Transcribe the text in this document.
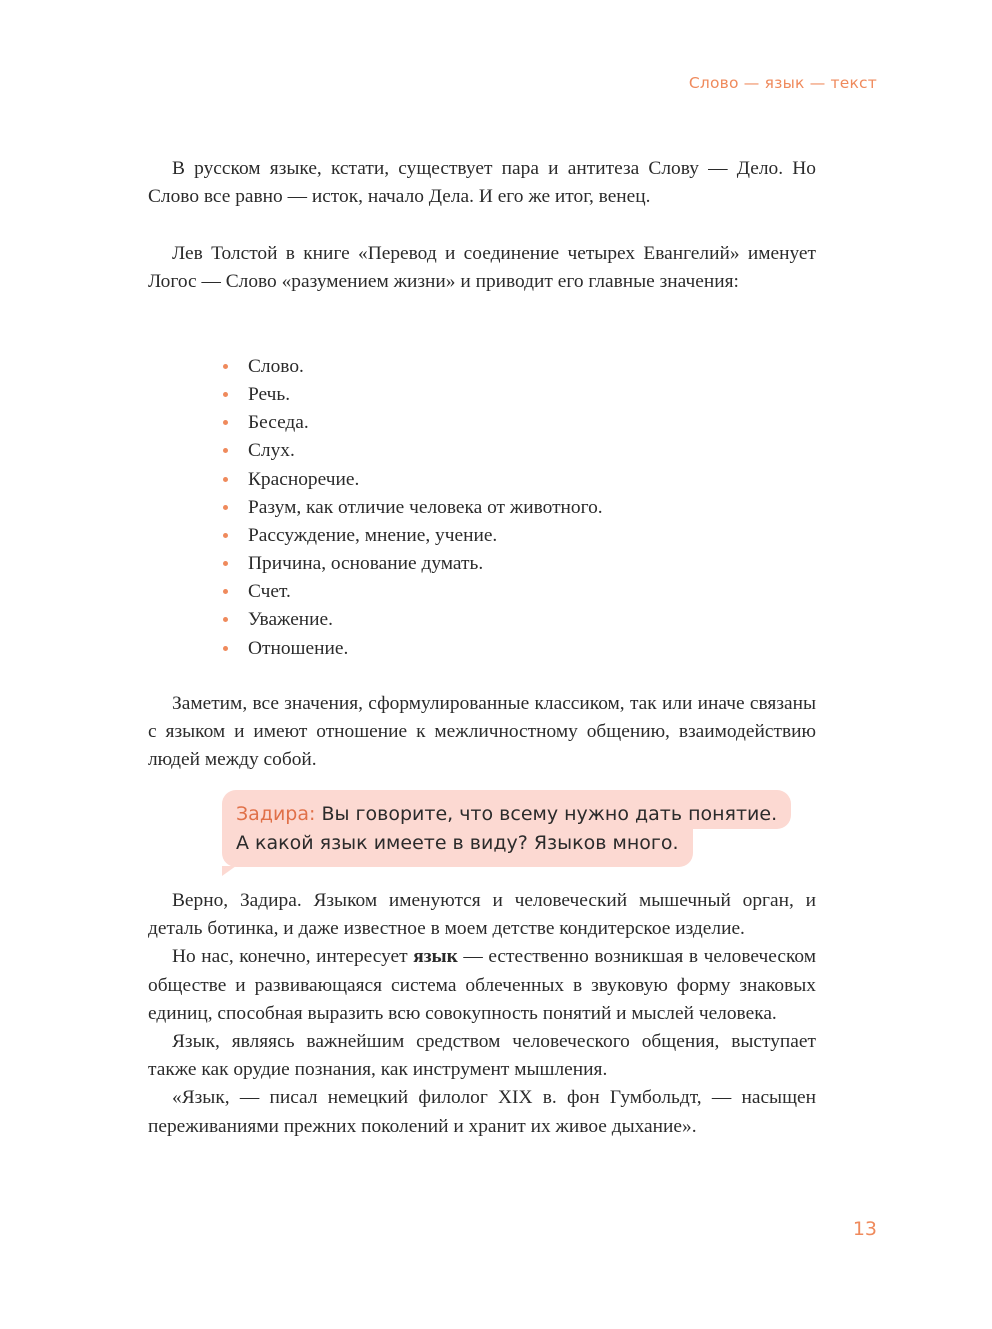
Слово — язык — текст

В русском языке, кстати, существует пара и антитеза Слову — Дело. Но Слово все равно — исток, начало Дела. И его же итог, венец.

Лев Толстой в книге «Перевод и соединение четырех Евангелий» именует Логос — Слово «разумением жизни» и приводит его главные значения:

Слово.
Речь.
Беседа.
Слух.
Красноречие.
Разум, как отличие человека от животного.
Рассуждение, мнение, учение.
Причина, основание думать.
Счет.
Уважение.
Отношение.

Заметим, все значения, сформулированные классиком, так или иначе связаны с языком и имеют отношение к межличностному общению, взаимодействию людей между собой.

Задира: Вы говорите, что всему нужно дать понятие.
А какой язык имеете в виду? Языков много.

Верно, Задира. Языком именуются и человеческий мышечный орган, и деталь ботинка, и даже известное в моем детстве кондитерское изделие.

Но нас, конечно, интересует язык — естественно возникшая в человеческом обществе и развивающаяся система облеченных в звуковую форму знаковых единиц, способная выразить всю совокупность понятий и мыслей человека.

Язык, являясь важнейшим средством человеческого общения, выступает также как орудие познания, как инструмент мышления.

«Язык, — писал немецкий филолог XIX в. фон Гумбольдт, — насыщен переживаниями прежних поколений и хранит их живое дыхание».

13
